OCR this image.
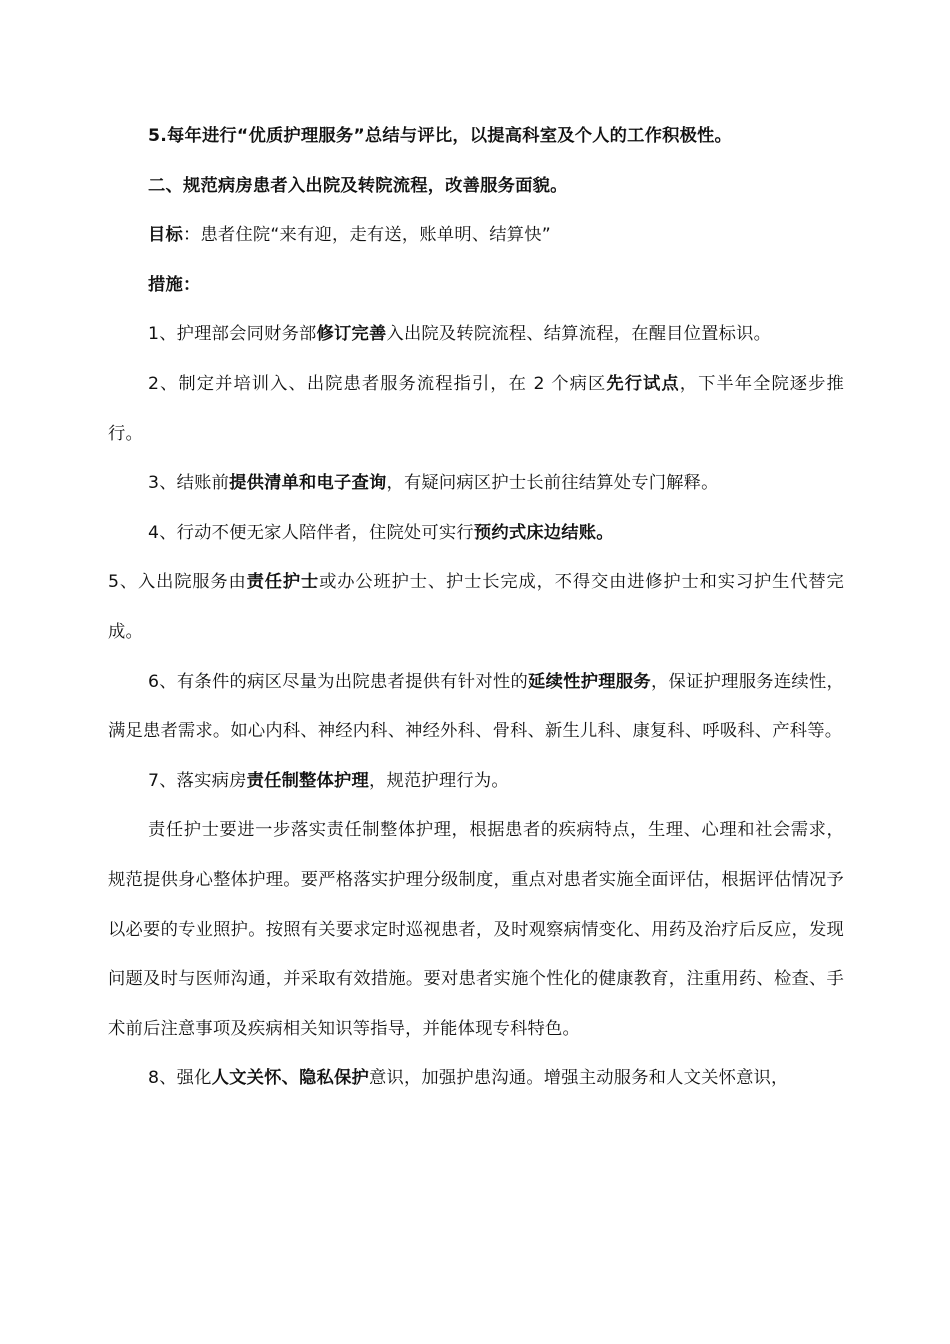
5.每年进行“优质护理服务”总结与评比，以提高科室及个人的工作积极性。

二、规范病房患者入出院及转院流程，改善服务面貌。

目标：患者住院“来有迎，走有送，账单明、结算快”

措施：

1、护理部会同财务部修订完善入出院及转院流程、结算流程，在醒目位置标识。

2、制定并培训入、出院患者服务流程指引，在 2 个病区先行试点，下半年全院逐步推行。

3、结账前提供清单和电子查询，有疑问病区护士长前往结算处专门解释。

4、行动不便无家人陪伴者，住院处可实行预约式床边结账。

5、入出院服务由责任护士或办公班护士、护士长完成，不得交由进修护士和实习护生代替完成。

6、有条件的病区尽量为出院患者提供有针对性的延续性护理服务，保证护理服务连续性，满足患者需求。如心内科、神经内科、神经外科、骨科、新生儿科、康复科、呼吸科、产科等。

7、落实病房责任制整体护理，规范护理行为。

责任护士要进一步落实责任制整体护理，根据患者的疾病特点，生理、心理和社会需求，规范提供身心整体护理。要严格落实护理分级制度，重点对患者实施全面评估，根据评估情况予以必要的专业照护。按照有关要求定时巡视患者，及时观察病情变化、用药及治疗后反应，发现问题及时与医师沟通，并采取有效措施。要对患者实施个性化的健康教育，注重用药、检查、手术前后注意事项及疾病相关知识等指导，并能体现专科特色。

8、强化人文关怀、隐私保护意识，加强护患沟通。增强主动服务和人文关怀意识，
